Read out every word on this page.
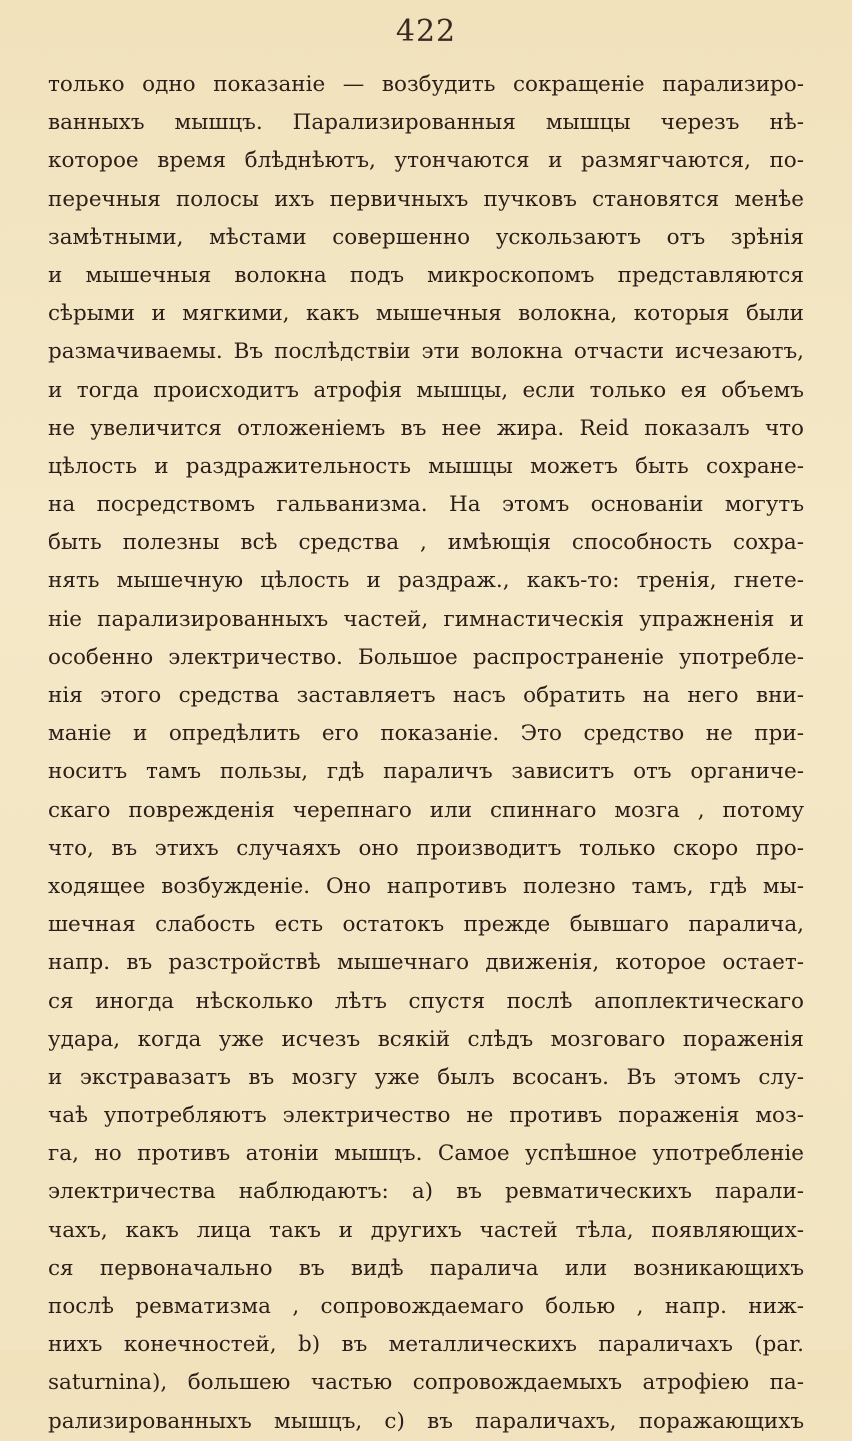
422
только одно показаніе — возбудить сокращеніе парализиро-
ванныхъ мышцъ. Парализированныя мышцы черезъ нѣ-
которое время блѣднѣютъ, утончаются и размягчаются, по-
перечныя полосы ихъ первичныхъ пучковъ становятся менѣе
замѣтными, мѣстами совершенно ускользаютъ отъ зрѣнія
и мышечныя волокна подъ микроскопомъ представляются
сѣрыми и мягкими, какъ мышечныя волокна, которыя были
размачиваемы. Въ послѣдствіи эти волокна отчасти исчезаютъ,
и тогда происходитъ атрофія мышцы, если только ея объемъ
не увеличится отложеніемъ въ нее жира. Reid показалъ что
цѣлость и раздражительность мышцы можетъ быть сохране-
на посредствомъ гальванизма. На этомъ основаніи могутъ
быть полезны всѣ средства , имѣющія способность сохра-
нять мышечную цѣлость и раздраж., какъ-то: тренія, гнете-
ніе парализированныхъ частей, гимнастическія упражненія и
особенно электричество. Большое распространеніе употребле-
нія этого средства заставляетъ насъ обратить на него вни-
маніе и опредѣлить его показаніе. Это средство не при-
носитъ тамъ пользы, гдѣ параличъ зависитъ отъ органиче-
скаго поврежденія черепнаго или спиннаго мозга , потому
что, въ этихъ случаяхъ оно производитъ только скоро про-
ходящее возбужденіе. Оно напротивъ полезно тамъ, гдѣ мы-
шечная слабость есть остатокъ прежде бывшаго паралича,
напр. въ разстройствѣ мышечнаго движенія, которое остает-
ся иногда нѣсколько лѣтъ спустя послѣ апоплектическаго
удара, когда уже исчезъ всякій слѣдъ мозговаго пораженія
и экстравазатъ въ мозгу уже былъ всосанъ. Въ этомъ слу-
чаѣ употребляютъ электричество не противъ пораженія моз-
га, но противъ атоніи мышцъ. Самое успѣшное употребленіе
электричества наблюдаютъ: а) въ ревматическихъ парали-
чахъ, какъ лица такъ и другихъ частей тѣла, появляющих-
ся первоначально въ видѣ паралича или возникающихъ
послѣ ревматизма , сопровождаемаго болью , напр. ниж-
нихъ конечностей, b) въ металлическихъ параличахъ (par.
saturnina), большею частью сопровождаемыхъ атрофіею па-
рализированныхъ мышцъ, с) въ параличахъ, поражающихъ
